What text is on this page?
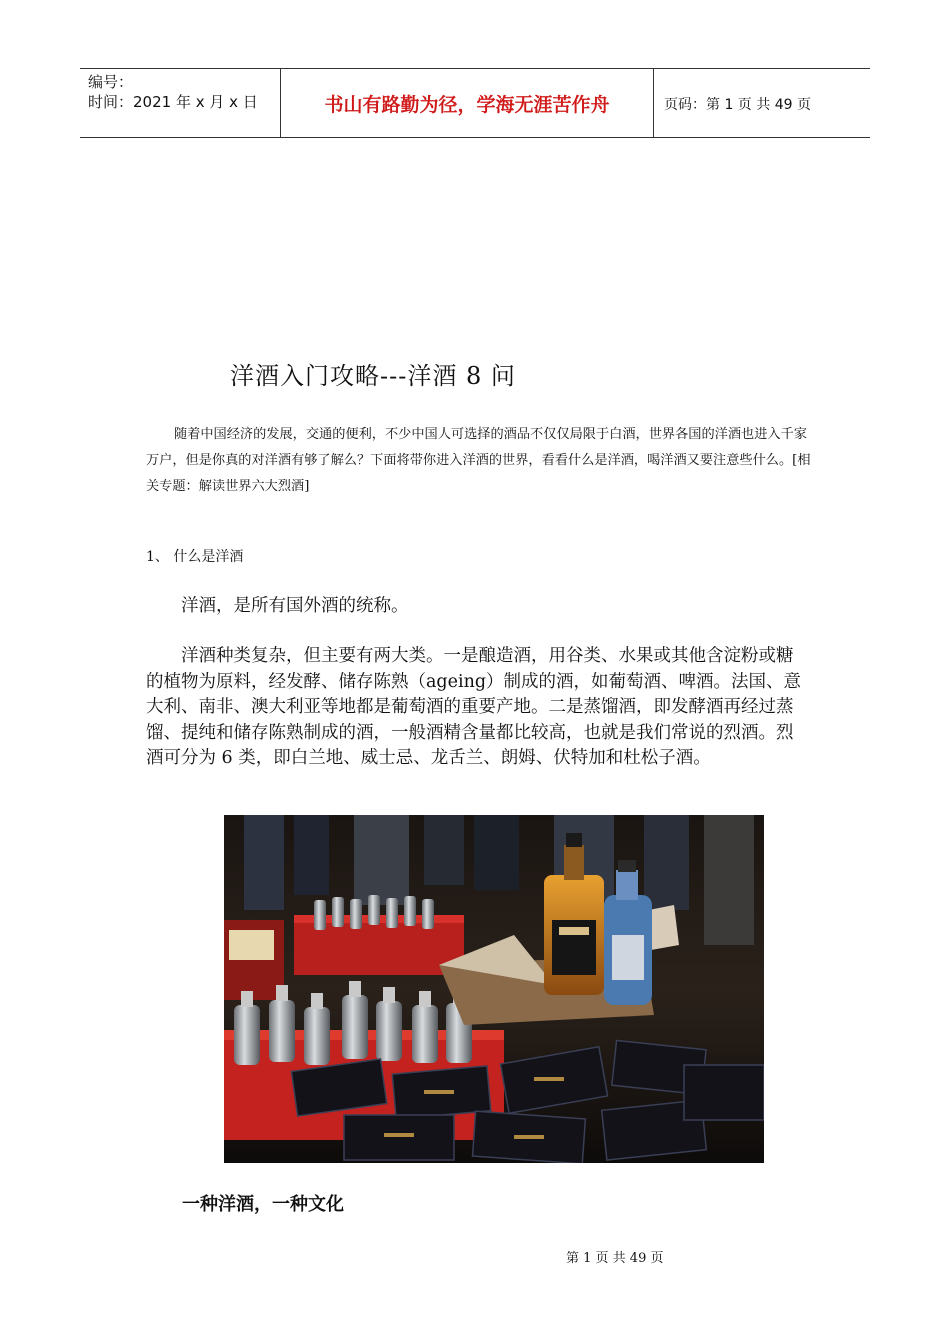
编号：
时间：2021 年 x 月 x 日	书山有路勤为径，学海无涯苦作舟	页码：第 1 页 共 49 页
洋酒入门攻略---洋酒 8 问

随着中国经济的发展，交通的便利，不少中国人可选择的酒品不仅仅局限于白酒，世界各国的洋酒也进入千家万户，但是你真的对洋酒有够了解么？下面将带你进入洋酒的世界，看看什么是洋酒，喝洋酒又要注意些什么。[相关专题：解读世界六大烈酒]

1、 什么是洋酒
洋酒，是所有国外酒的统称。
洋酒种类复杂，但主要有两大类。一是酿造酒，用谷类、水果或其他含淀粉或糖的植物为原料，经发酵、储存陈熟（ageing）制成的酒，如葡萄酒、啤酒。法国、意大利、南非、澳大利亚等地都是葡萄酒的重要产地。二是蒸馏酒，即发酵酒再经过蒸馏、提纯和储存陈熟制成的酒，一般酒精含量都比较高，也就是我们常说的烈酒。烈酒可分为 6 类，即白兰地、威士忌、龙舌兰、朗姆、伏特加和杜松子酒。
一种洋酒，一种文化
第 1 页 共 49 页
